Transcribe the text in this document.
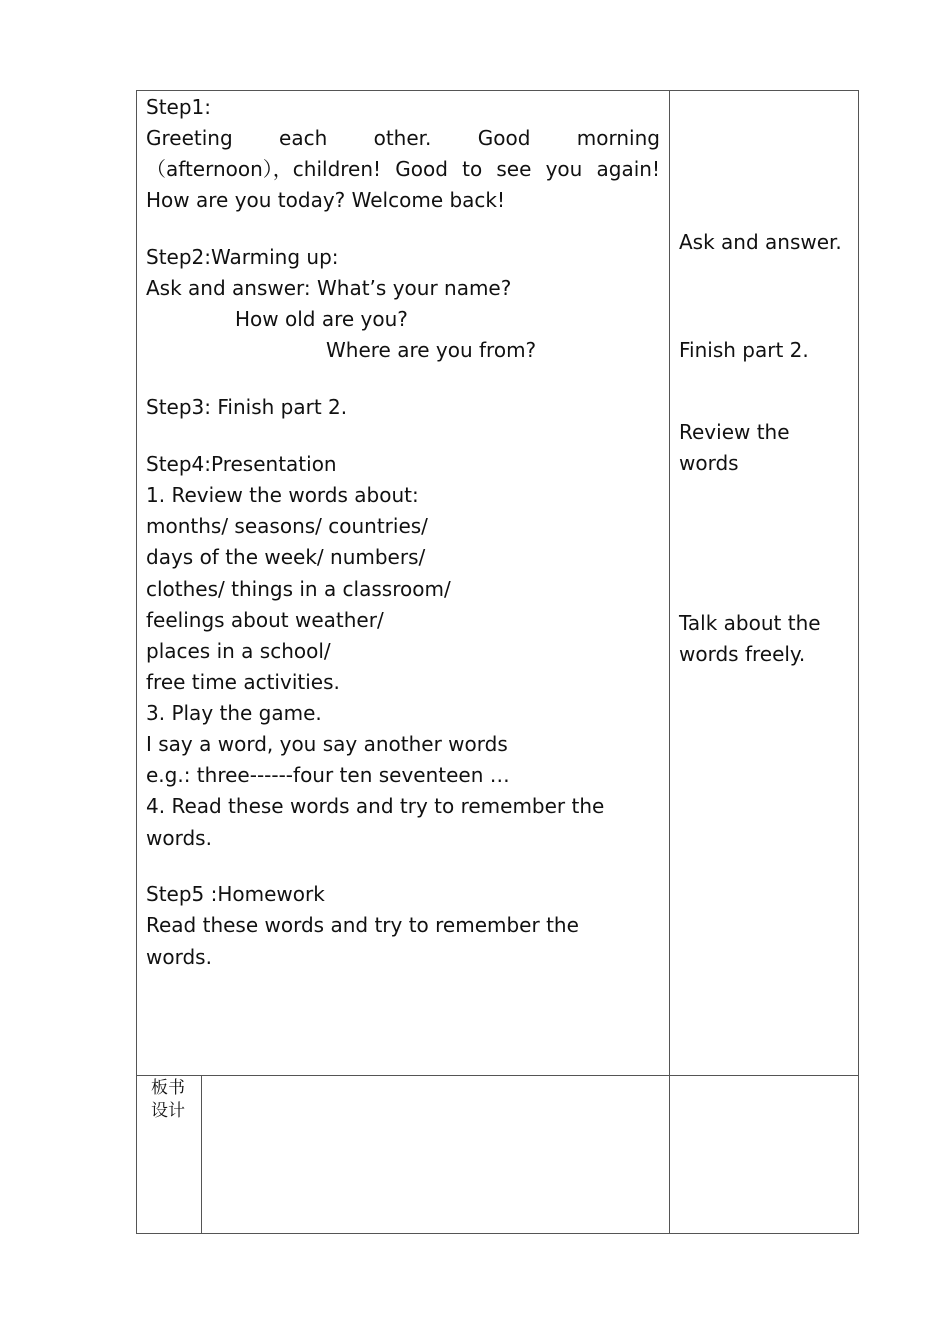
Step1:
Greeting each other. Good morning
（afternoon），children! Good to see you again!
How are you today? Welcome back!
Step2:Warming up:
Ask and answer: What’s your name?
How old are you?
Where are you from?
Step3: Finish part 2.
Step4:Presentation
1. Review the words about:
months/ seasons/ countries/
days of the week/ numbers/
clothes/ things in a classroom/
feelings about weather/
places in a school/
free time activities.
3. Play the game.
I say a word, you say another words
e.g.: three------four ten seventeen …
4. Read these words and try to remember the
words.
Step5 :Homework
Read these words and try to remember the
words.
Ask and answer.
Finish part 2.
Review the
words
Talk about the
words freely.
板书
设计
